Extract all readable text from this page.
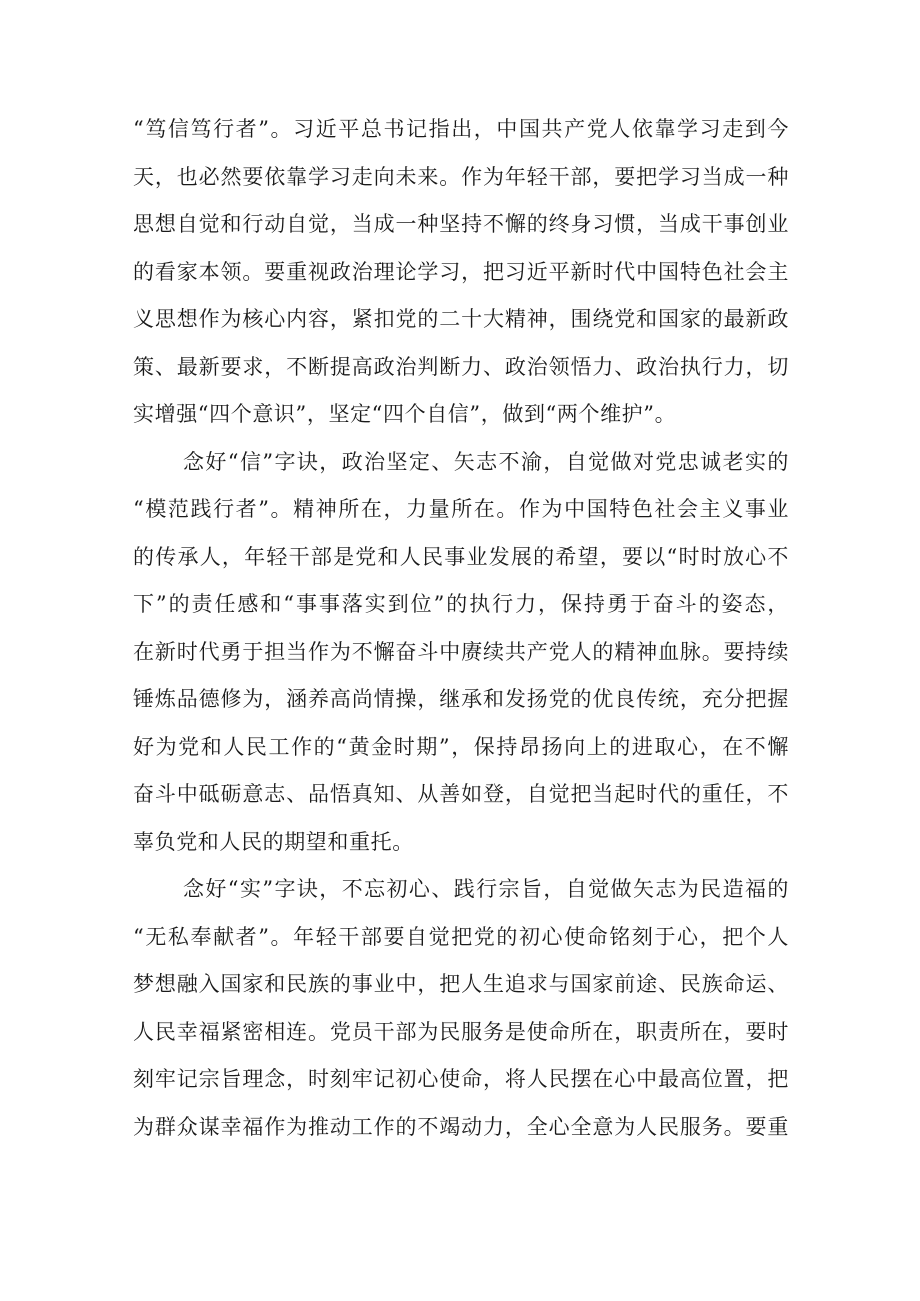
“笃信笃行者”。习近平总书记指出，中国共产党人依靠学习走到今
天，也必然要依靠学习走向未来。作为年轻干部，要把学习当成一种
思想自觉和行动自觉，当成一种坚持不懈的终身习惯，当成干事创业
的看家本领。要重视政治理论学习，把习近平新时代中国特色社会主
义思想作为核心内容，紧扣党的二十大精神，围绕党和国家的最新政
策、最新要求，不断提高政治判断力、政治领悟力、政治执行力，切
实增强“四个意识”，坚定“四个自信”，做到“两个维护”。
念好“信”字诀，政治坚定、矢志不渝，自觉做对党忠诚老实的
“模范践行者”。精神所在，力量所在。作为中国特色社会主义事业
的传承人，年轻干部是党和人民事业发展的希望，要以“时时放心不
下”的责任感和“事事落实到位”的执行力，保持勇于奋斗的姿态，
在新时代勇于担当作为不懈奋斗中赓续共产党人的精神血脉。要持续
锤炼品德修为，涵养高尚情操，继承和发扬党的优良传统，充分把握
好为党和人民工作的“黄金时期”，保持昂扬向上的进取心，在不懈
奋斗中砥砺意志、品悟真知、从善如登，自觉把当起时代的重任，不
辜负党和人民的期望和重托。
念好“实”字诀，不忘初心、践行宗旨，自觉做矢志为民造福的
“无私奉献者”。年轻干部要自觉把党的初心使命铭刻于心，把个人
梦想融入国家和民族的事业中，把人生追求与国家前途、民族命运、
人民幸福紧密相连。党员干部为民服务是使命所在，职责所在，要时
刻牢记宗旨理念，时刻牢记初心使命，将人民摆在心中最高位置，把
为群众谋幸福作为推动工作的不竭动力，全心全意为人民服务。要重
